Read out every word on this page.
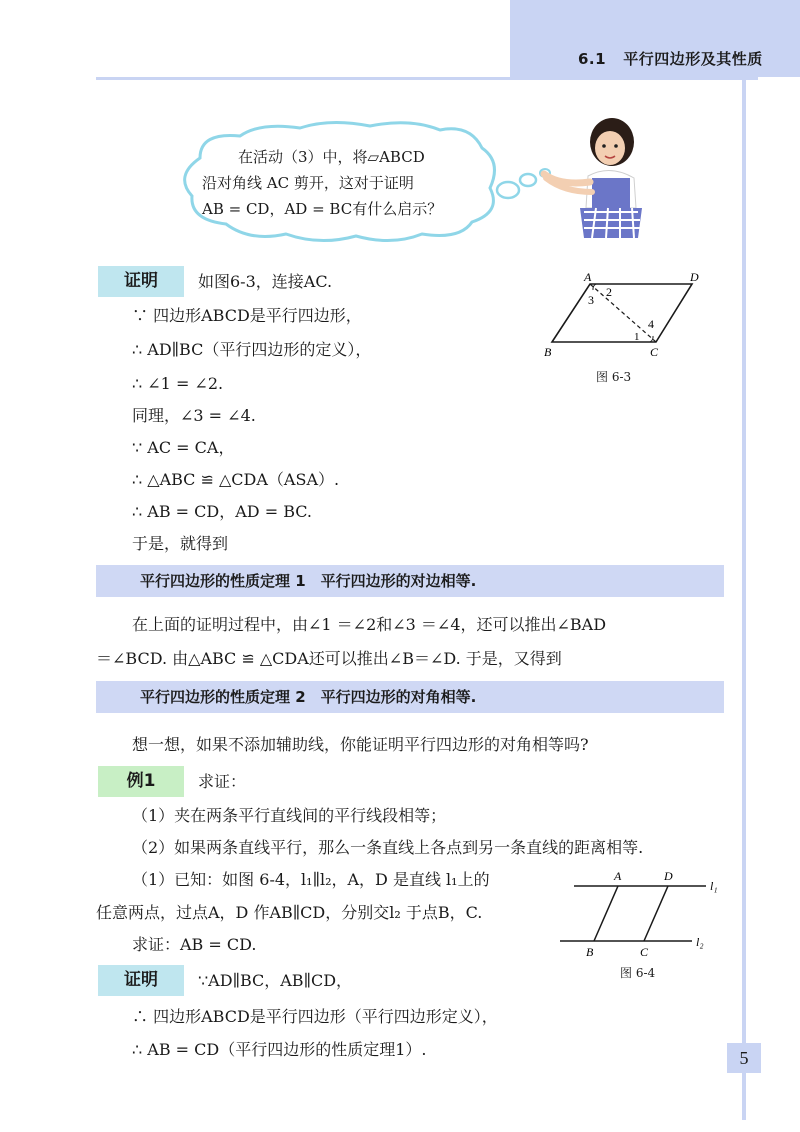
6.1 平行四边形及其性质
在活动（3）中，将▱ABCD
沿对角线 AC 剪开，这对于证明
AB = CD，AD = BC有什么启示？
证明	如图6-3，连接AC.
∵ 四边形ABCD是平行四边形，
∴ AD∥BC（平行四边形的定义），
∴ ∠1 = ∠2.
同理，∠3 = ∠4.
∵ AC = CA，
∴ △ABC ≌ △CDA（ASA）.
∴ AB = CD，AD = BC.
于是，就得到
A	D
B	C
2
3
4
1
图 6-3
平行四边形的性质定理 1　平行四边形的对边相等.
在上面的证明过程中，由∠1 ＝∠2和∠3 ＝∠4，还可以推出∠BAD
＝∠BCD. 由△ABC ≌ △CDA还可以推出∠B＝∠D. 于是，又得到
平行四边形的性质定理 2　平行四边形的对角相等.
想一想，如果不添加辅助线，你能证明平行四边形的对角相等吗?
例1	求证：
（1）夹在两条平行直线间的平行线段相等；
（2）如果两条直线平行，那么一条直线上各点到另一条直线的距离相等.
（1）已知：如图 6-4，l₁∥l₂，A，D 是直线 l₁上的
任意两点，过点A，D 作AB∥CD，分别交l₂ 于点B，C.
求证：AB = CD.
A	D
B	C
l₁
l₂
图 6-4
证明	∵AD∥BC，AB∥CD，
∴ 四边形ABCD是平行四边形（平行四边形定义），
∴ AB = CD（平行四边形的性质定理1）.	5
